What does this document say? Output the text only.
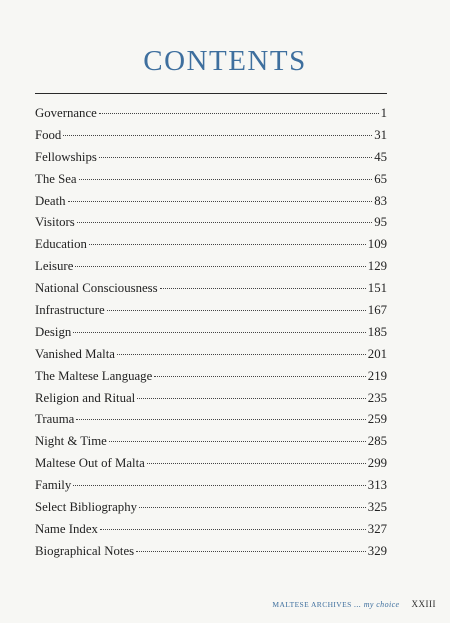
CONTENTS
Governance	1
Food	31
Fellowships	45
The Sea	65
Death	83
Visitors	95
Education	109
Leisure	129
National Consciousness	151
Infrastructure	167
Design	185
Vanished Malta	201
The Maltese Language	219
Religion and Ritual	235
Trauma	259
Night & Time	285
Maltese Out of Malta	299
Family	313
Select Bibliography	325
Name Index	327
Biographical Notes	329
MALTESE ARCHIVES ... my choice XXIII
